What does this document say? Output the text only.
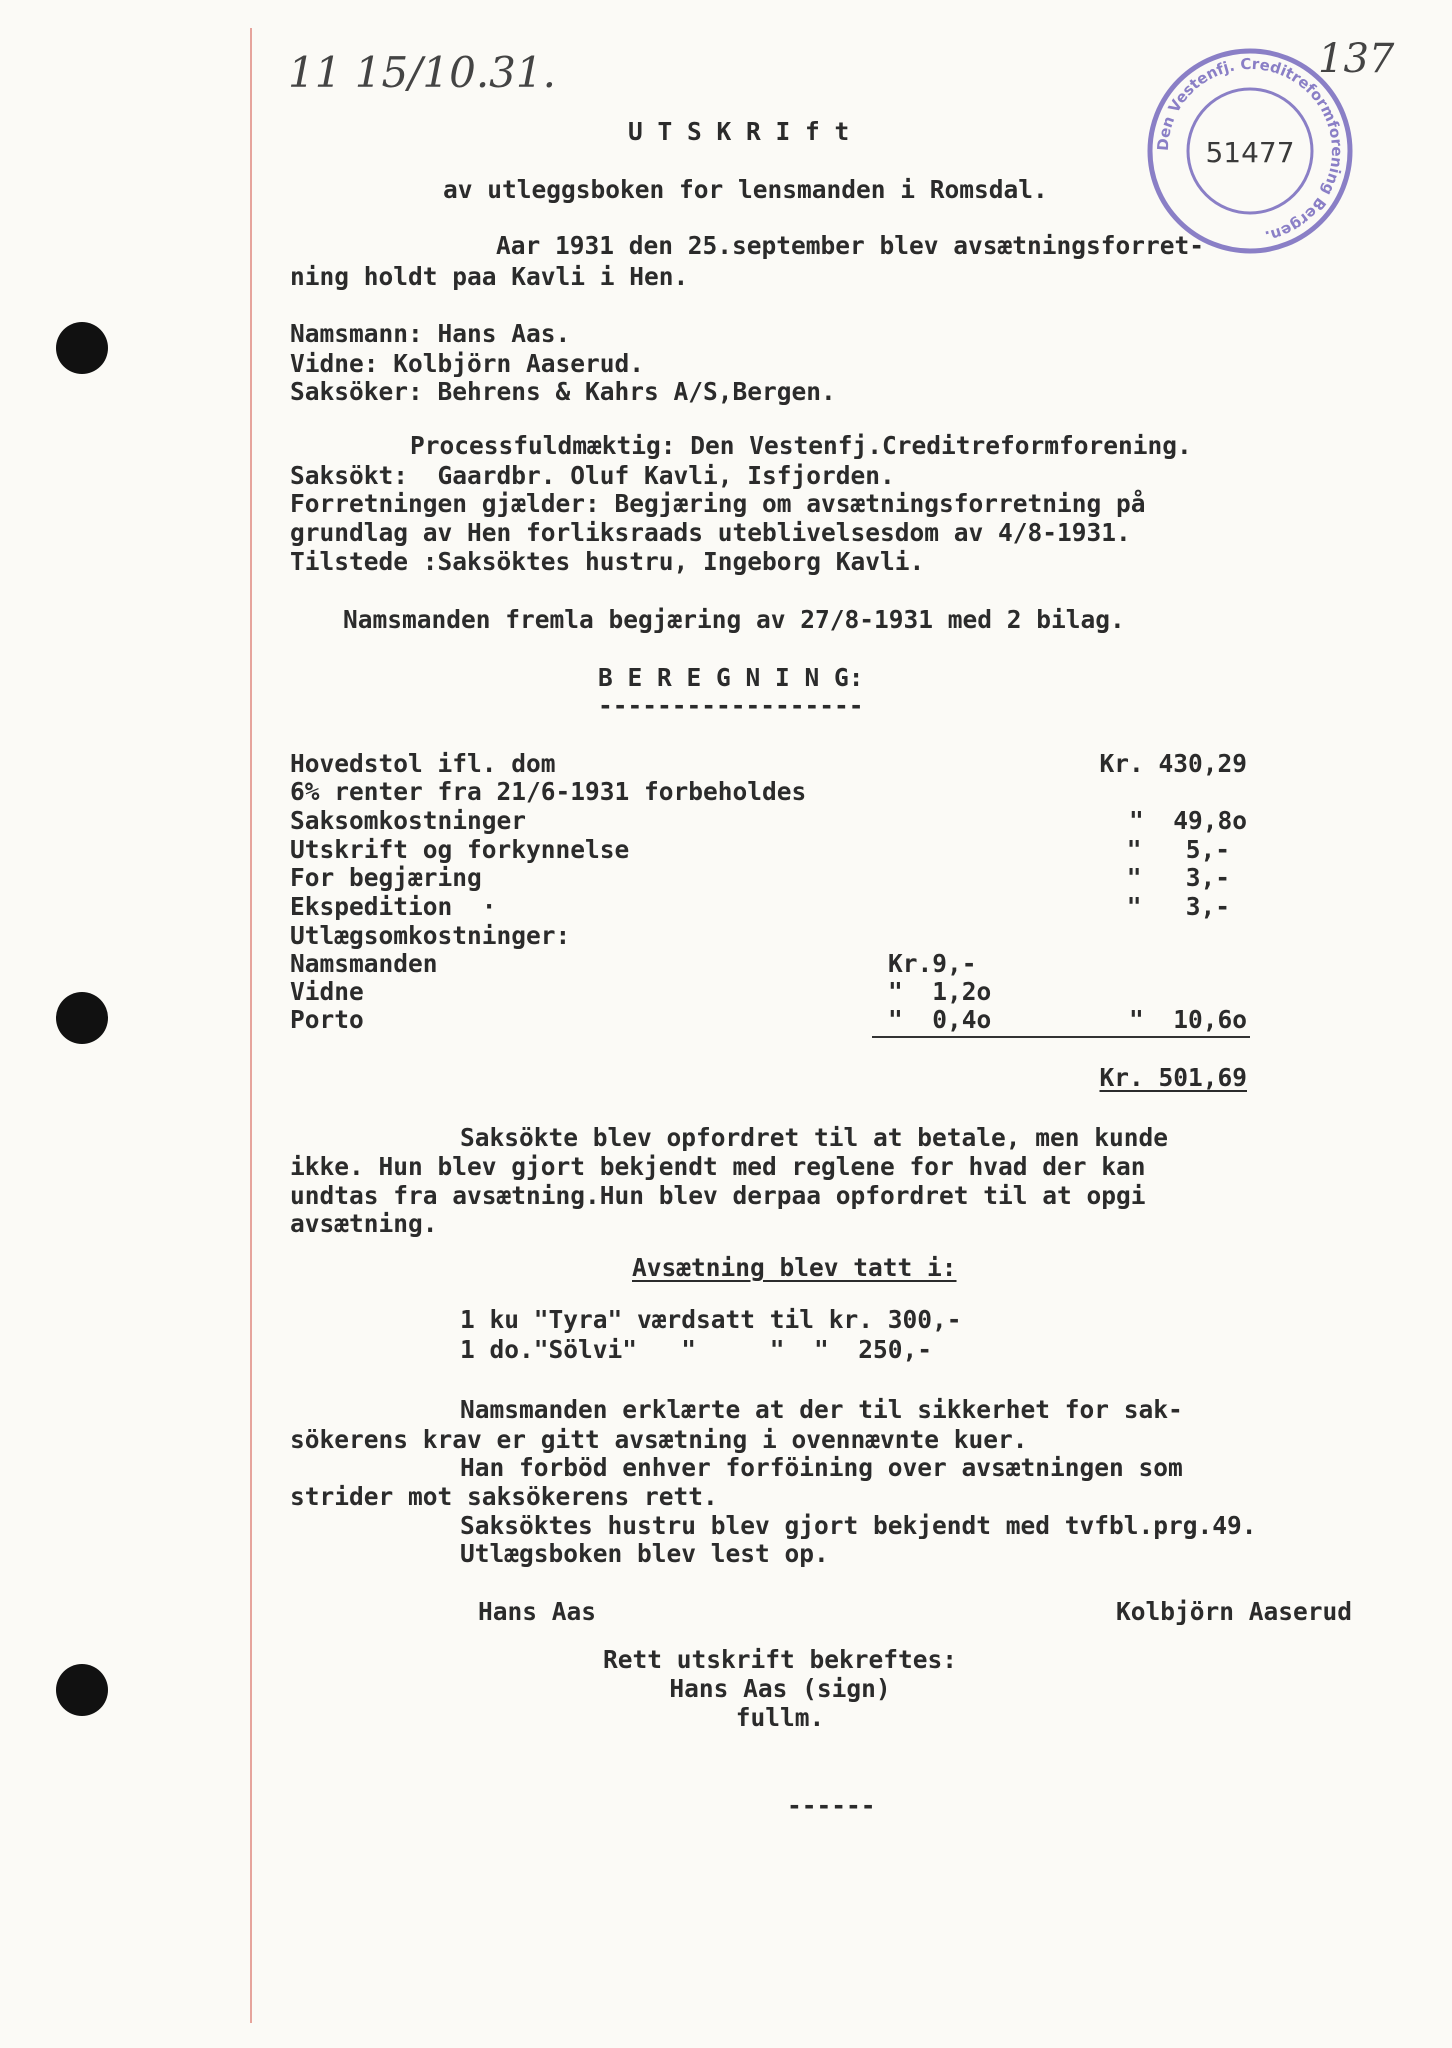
11 15/10.31.	137
Den Vestenfj. Creditreformforening Bergen.
51477
U T S K R I f t
av utleggsboken for lensmanden i Romsdal.
Aar 1931 den 25.september blev avsætningsforret-
ning holdt paa Kavli i Hen.
Namsmann: Hans Aas.
Vidne: Kolbjörn Aaserud.
Saksöker: Behrens & Kahrs A/S,Bergen.
Processfuldmæktig: Den Vestenfj.Creditreformforening.
Saksökt:  Gaardbr. Oluf Kavli, Isfjorden.
Forretningen gjælder: Begjæring om avsætningsforretning på
grundlag av Hen forliksraads uteblivelsesdom av 4/8-1931.
Tilstede :Saksöktes hustru, Ingeborg Kavli.
Namsmanden fremla begjæring av 27/8-1931 med 2 bilag.
B E R E G N I N G:
------------------
Hovedstol ifl. dom	Kr. 430,29
6% renter fra 21/6-1931 forbeholdes
Saksomkostninger	"  49,8o
Utskrift og forkynnelse	"   5,-
For begjæring	"   3,-
Ekspedition  ·	"   3,-
Utlægsomkostninger:
Namsmanden	Kr.9,-
Vidne	"  1,2o
Porto	"  0,4o	"  10,6o
Kr. 501,69
Saksökte blev opfordret til at betale, men kunde
ikke. Hun blev gjort bekjendt med reglene for hvad der kan
undtas fra avsætning.Hun blev derpaa opfordret til at opgi
avsætning.
Avsætning blev tatt i:
1 ku "Tyra" værdsatt til kr. 300,-
1 do."Sölvi"   "     "  "  250,-
Namsmanden erklærte at der til sikkerhet for sak-
sökerens krav er gitt avsætning i ovennævnte kuer.
Han forböd enhver forföining over avsætningen som
strider mot saksökerens rett.
Saksöktes hustru blev gjort bekjendt med tvfbl.prg.49.
Utlægsboken blev lest op.
Hans Aas	Kolbjörn Aaserud
Rett utskrift bekreftes:
Hans Aas (sign)
fullm.
------
